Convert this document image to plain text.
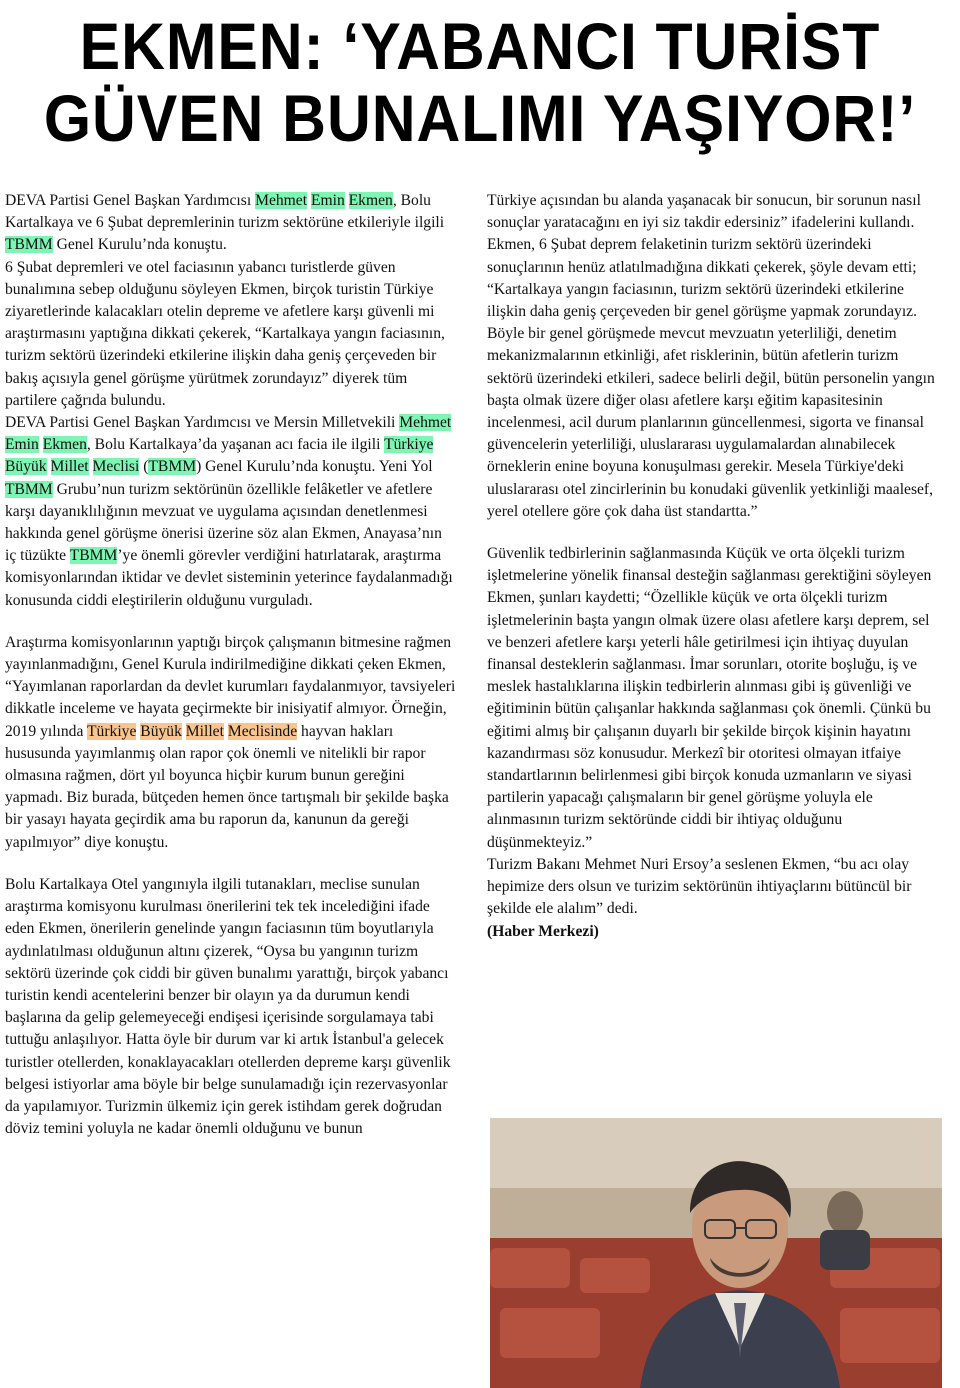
EKMEN: ‘YABANCI TURİST
GÜVEN BUNALIMI YAŞIYOR!’

DEVA Partisi Genel Başkan Yardımcısı Mehmet Emin Ekmen, Bolu Kartalkaya ve 6 Şubat depremlerinin turizm sektörüne etkileriyle ilgili TBMM Genel Kurulu’nda konuştu.

6 Şubat depremleri ve otel faciasının yabancı turistlerde güven bunalımına sebep olduğunu söyleyen Ekmen, birçok turistin Türkiye ziyaretlerinde kalacakları otelin depreme ve afetlere karşı güvenli mi araştırmasını yaptığına dikkati çekerek, “Kartalkaya yangın faciasının, turizm sektörü üzerindeki etkilerine ilişkin daha geniş çerçeveden bir bakış açısıyla genel görüşme yürütmek zorundayız” diyerek tüm partilere çağrıda bulundu.

DEVA Partisi Genel Başkan Yardımcısı ve Mersin Milletvekili Mehmet Emin Ekmen, Bolu Kartalkaya’da yaşanan acı facia ile ilgili Türkiye Büyük Millet Meclisi (TBMM) Genel Kurulu’nda konuştu. Yeni Yol TBMM Grubu’nun turizm sektörünün özellikle felâketler ve afetlere karşı dayanıklılığının mevzuat ve uygulama açısından denetlenmesi hakkında genel görüşme önerisi üzerine söz alan Ekmen, Anayasa’nın iç tüzükte TBMM’ye önemli görevler verdiğini hatırlatarak, araştırma komisyonlarından iktidar ve devlet sisteminin yeterince faydalanmadığı konusunda ciddi eleştirilerin olduğunu vurguladı.

Araştırma komisyonlarının yaptığı birçok çalışmanın bitmesine rağmen yayınlanmadığını, Genel Kurula indirilmediğine dikkati çeken Ekmen, “Yayımlanan raporlardan da devlet kurumları faydalanmıyor, tavsiyeleri dikkatle inceleme ve hayata geçirmekte bir inisiyatif almıyor. Örneğin, 2019 yılında Türkiye Büyük Millet Meclisinde hayvan hakları hususunda yayımlanmış olan rapor çok önemli ve nitelikli bir rapor olmasına rağmen, dört yıl boyunca hiçbir kurum bunun gereğini yapmadı. Biz burada, bütçeden hemen önce tartışmalı bir şekilde başka bir yasayı hayata geçirdik ama bu raporun da, kanunun da gereği yapılmıyor” diye konuştu.

Bolu Kartalkaya Otel yangınıyla ilgili tutanakları, meclise sunulan araştırma komisyonu kurulması önerilerini tek tek incelediğini ifade eden Ekmen, önerilerin genelinde yangın faciasının tüm boyutlarıyla aydınlatılması olduğunun altını çizerek, “Oysa bu yangının turizm sektörü üzerinde çok ciddi bir güven bunalımı yarattığı, birçok yabancı turistin kendi acentelerini benzer bir olayın ya da durumun kendi başlarına da gelip gelemeyeceği endişesi içerisinde sorgulamaya tabi tuttuğu anlaşılıyor. Hatta öyle bir durum var ki artık İstanbul'a gelecek turistler otellerden, konaklayacakları otellerden depreme karşı güvenlik belgesi istiyorlar ama böyle bir belge sunulamadığı için rezervasyonlar da yapılamıyor. Turizmin ülkemiz için gerek istihdam gerek doğrudan döviz temini yoluyla ne kadar önemli olduğunu ve bunun

Türkiye açısından bu alanda yaşanacak bir sonucun, bir sorunun nasıl sonuçlar yaratacağını en iyi siz takdir edersiniz” ifadelerini kullandı.

Ekmen, 6 Şubat deprem felaketinin turizm sektörü üzerindeki sonuçlarının henüz atlatılmadığına dikkati çekerek, şöyle devam etti; “Kartalkaya yangın faciasının, turizm sektörü üzerindeki etkilerine ilişkin daha geniş çerçeveden bir genel görüşme yapmak zorundayız. Böyle bir genel görüşmede mevcut mevzuatın yeterliliği, denetim mekanizmalarının etkinliği, afet risklerinin, bütün afetlerin turizm sektörü üzerindeki etkileri, sadece belirli değil, bütün personelin yangın başta olmak üzere diğer olası afetlere karşı eğitim kapasitesinin incelenmesi, acil durum planlarının güncellenmesi, sigorta ve finansal güvencelerin yeterliliği, uluslararası uygulamalardan alınabilecek örneklerin enine boyuna konuşulması gerekir. Mesela Türkiye'deki uluslararası otel zincirlerinin bu konudaki güvenlik yetkinliği maalesef, yerel otellere göre çok daha üst standartta.”

Güvenlik tedbirlerinin sağlanmasında Küçük ve orta ölçekli turizm işletmelerine yönelik finansal desteğin sağlanması gerektiğini söyleyen Ekmen, şunları kaydetti; “Özellikle küçük ve orta ölçekli turizm işletmelerinin başta yangın olmak üzere olası afetlere karşı deprem, sel ve benzeri afetlere karşı yeterli hâle getirilmesi için ihtiyaç duyulan finansal desteklerin sağlanması. İmar sorunları, otorite boşluğu, iş ve meslek hastalıklarına ilişkin tedbirlerin alınması gibi iş güvenliği ve eğitiminin bütün çalışanlar hakkında sağlanması çok önemli. Çünkü bu eğitimi almış bir çalışanın duyarlı bir şekilde birçok kişinin hayatını kazandırması söz konusudur. Merkezî bir otoritesi olmayan itfaiye standartlarının belirlenmesi gibi birçok konuda uzmanların ve siyasi partilerin yapacağı çalışmaların bir genel görüşme yoluyla ele alınmasının turizm sektöründe ciddi bir ihtiyaç olduğunu düşünmekteyiz.”

Turizm Bakanı Mehmet Nuri Ersoy’a seslenen Ekmen, “bu acı olay hepimize ders olsun ve turizim sektörünün ihtiyaçlarını bütüncül bir şekilde ele alalım” dedi.

(Haber Merkezi)
